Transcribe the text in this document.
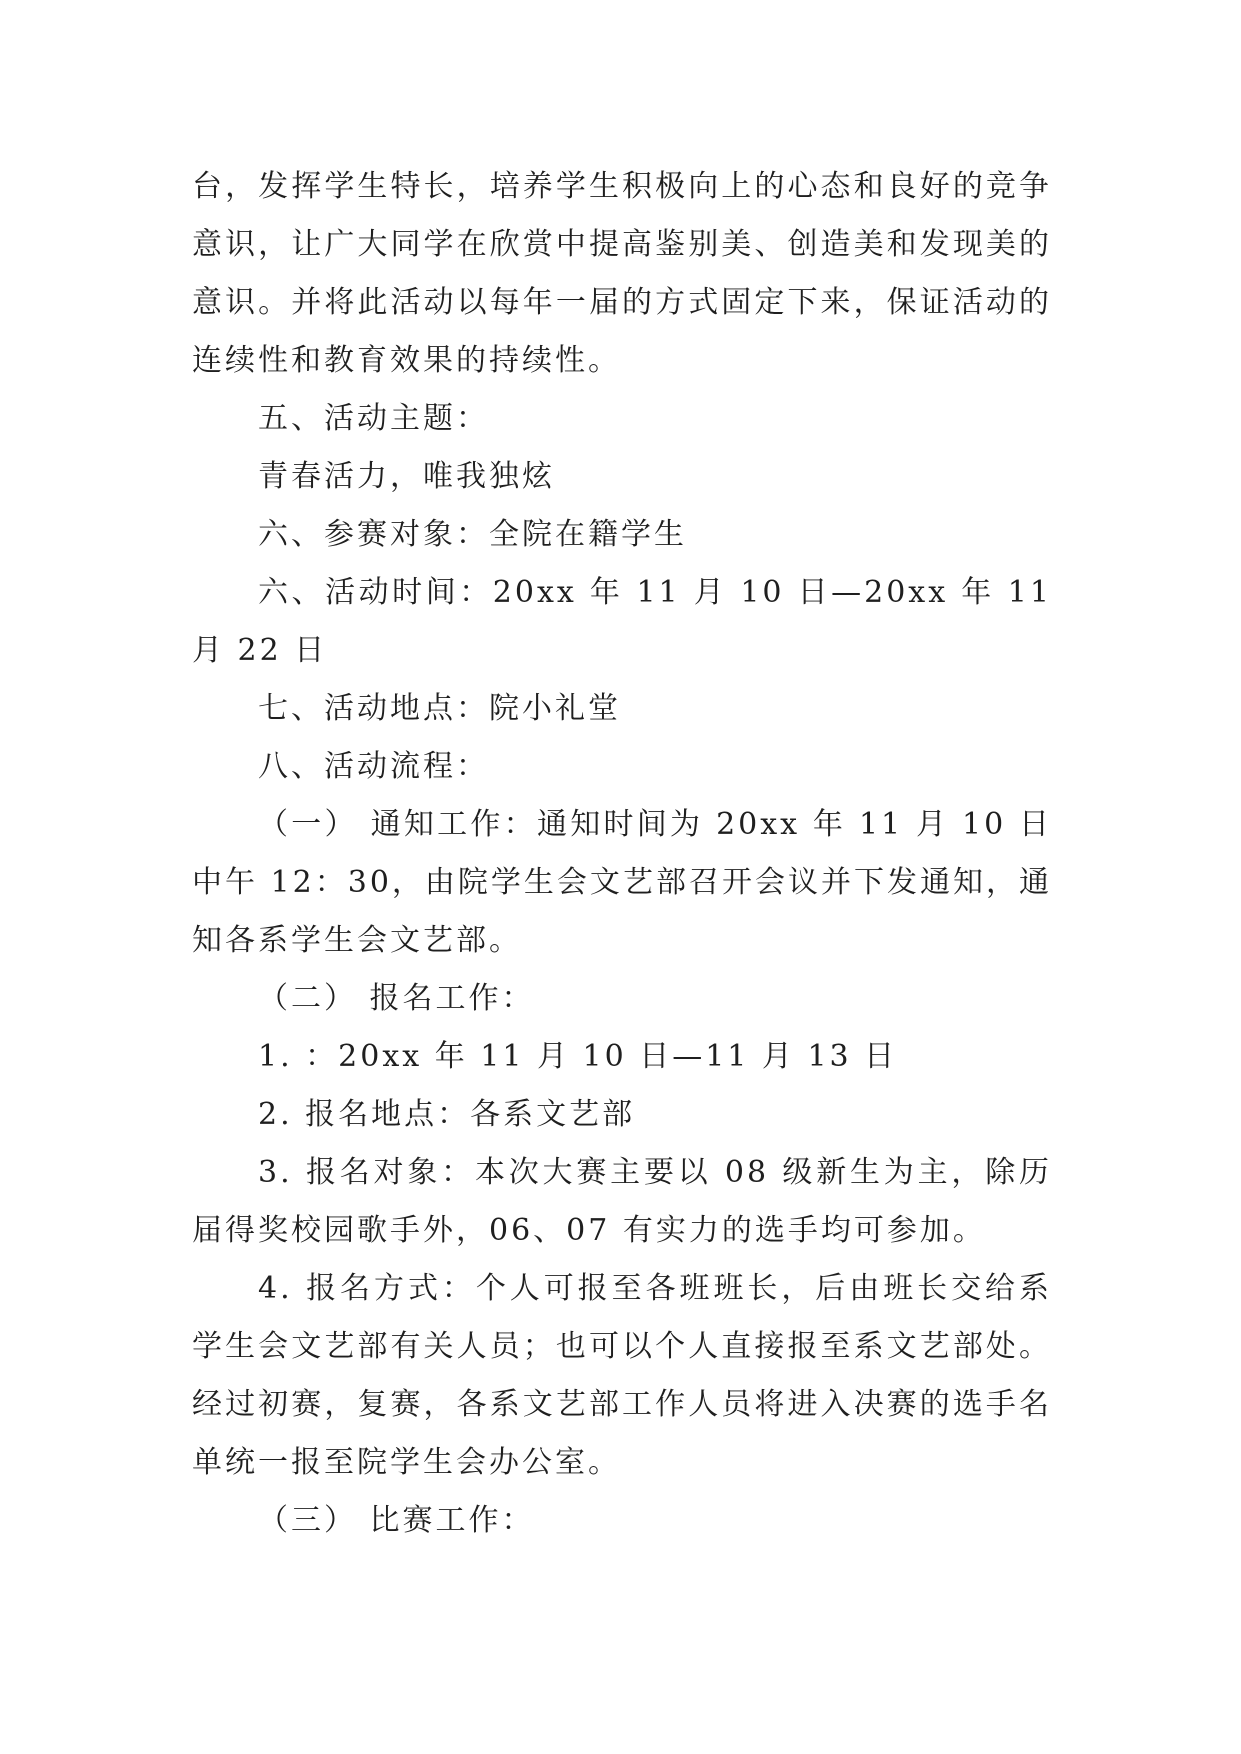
台，发挥学生特长，培养学生积极向上的心态和良好的竞争意识，让广大同学在欣赏中提高鉴别美、创造美和发现美的意识。并将此活动以每年一届的方式固定下来，保证活动的连续性和教育效果的持续性。

五、活动主题：

青春活力，唯我独炫

六、参赛对象：全院在籍学生

六、活动时间：20xx 年 11 月 10 日—20xx 年 11 月 22 日

七、活动地点：院小礼堂

八、活动流程：

（一） 通知工作：通知时间为 20xx 年 11 月 10 日中午 12：30，由院学生会文艺部召开会议并下发通知，通知各系学生会文艺部。

（二） 报名工作：

1. ：20xx 年 11 月 10 日—11 月 13 日

2. 报名地点：各系文艺部

3. 报名对象：本次大赛主要以 08 级新生为主，除历届得奖校园歌手外，06、07 有实力的选手均可参加。

4. 报名方式：个人可报至各班班长，后由班长交给系学生会文艺部有关人员；也可以个人直接报至系文艺部处。经过初赛，复赛，各系文艺部工作人员将进入决赛的选手名单统一报至院学生会办公室。

（三） 比赛工作：
